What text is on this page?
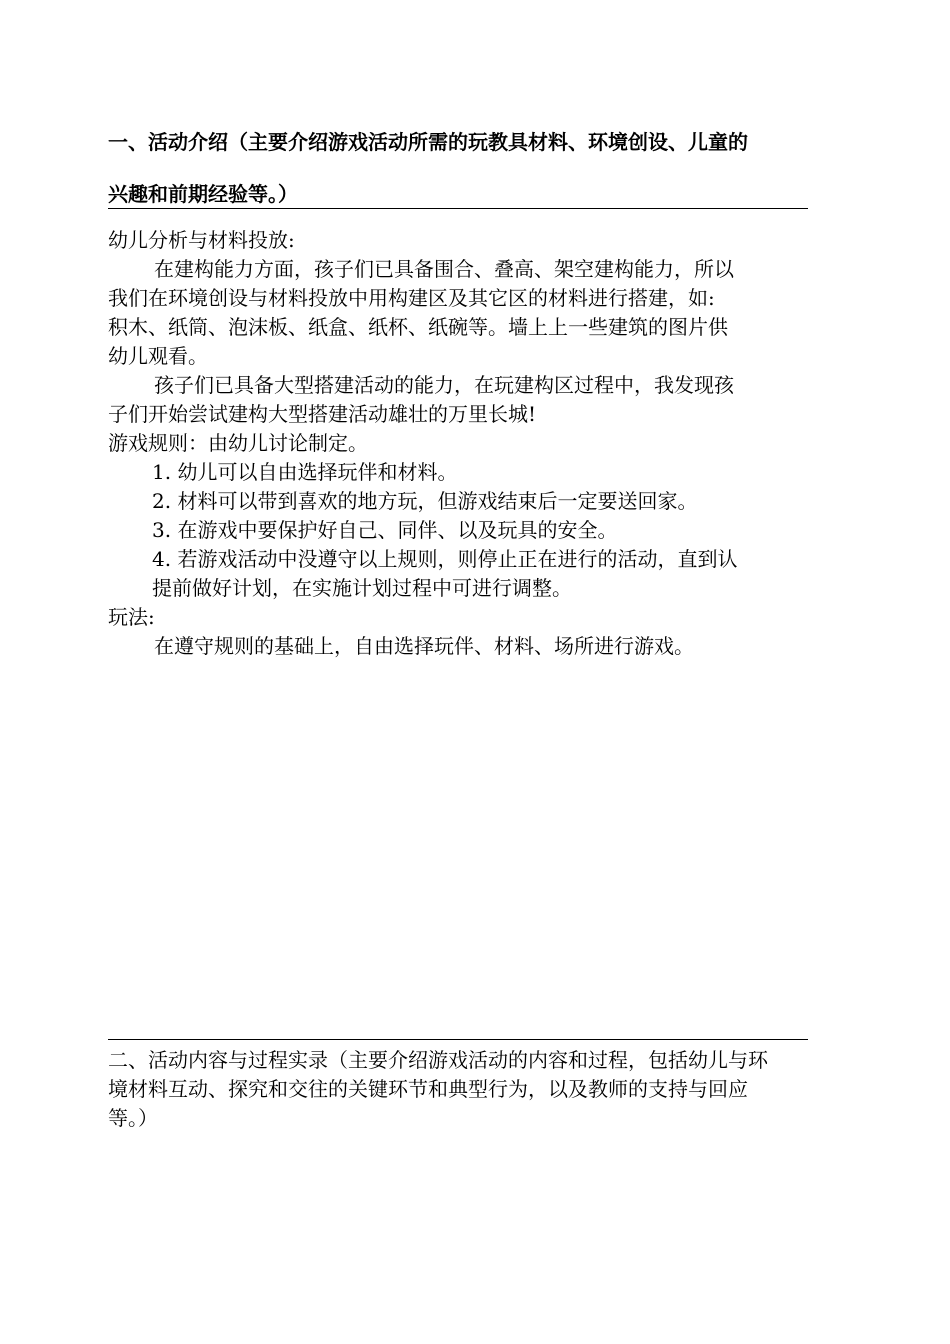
一、活动介绍（主要介绍游戏活动所需的玩教具材料、环境创设、儿童的
兴趣和前期经验等。）
幼儿分析与材料投放:
在建构能力方面，孩子们已具备围合、叠高、架空建构能力，所以
我们在环境创设与材料投放中用构建区及其它区的材料进行搭建，如:
积木、纸筒、泡沫板、纸盒、纸杯、纸碗等。墙上上一些建筑的图片供
幼儿观看。
孩子们已具备大型搭建活动的能力，在玩建构区过程中，我发现孩
子们开始尝试建构大型搭建活动雄壮的万里长城!
游戏规则：由幼儿讨论制定。
1. 幼儿可以自由选择玩伴和材料。
2. 材料可以带到喜欢的地方玩，但游戏结束后一定要送回家。
3. 在游戏中要保护好自己、同伴、以及玩具的安全。
4. 若游戏活动中没遵守以上规则，则停止正在进行的活动，直到认
提前做好计划，在实施计划过程中可进行调整。
玩法:
在遵守规则的基础上，自由选择玩伴、材料、场所进行游戏。
二、活动内容与过程实录（主要介绍游戏活动的内容和过程，包括幼儿与环
境材料互动、探究和交往的关键环节和典型行为，以及教师的支持与回应
等。）
